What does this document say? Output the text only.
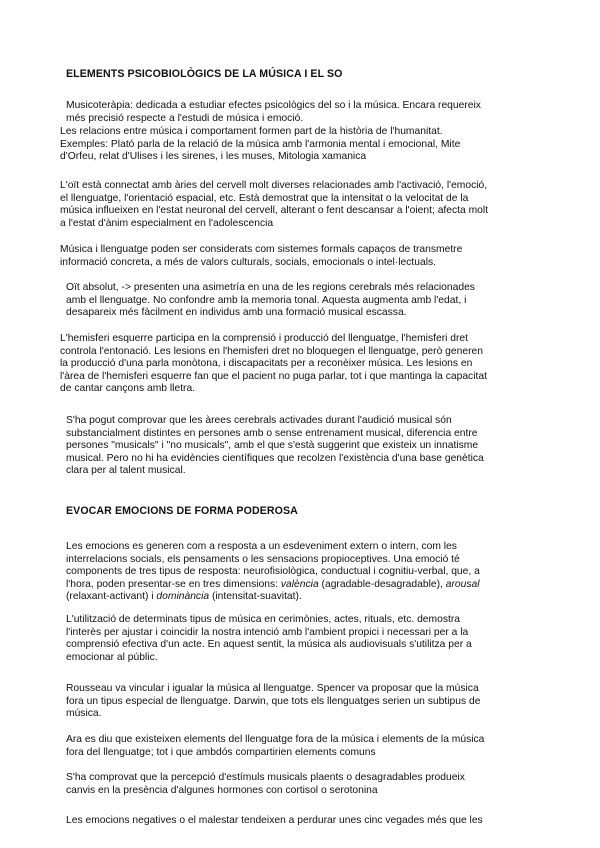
ELEMENTS PSICOBIOLÒGICS DE LA MÚSICA I EL SO
Musicoteràpia: dedicada a estudiar efectes psicològics del so i la música. Encara requereix
més precisió respecte a l'estudi de música i emoció.
Les relacions entre música i comportament formen part de la història de l'humanitat.
Exemples: Plató parla de la relació de la música amb l'armonia mental i emocional, Mite
d'Orfeu, relat d'Ulises i les sirenes, i les muses, Mitologia xamanica
L'oït està connectat amb àries del cervell molt diverses relacionades amb l'activació, l'emoció,
el llenguatge, l'orientació espacial, etc. Està demostrat que la intensitat o la velocitat de la
música influeixen en l'estat neuronal del cervell, alterant o fent descansar a l'oient; afecta molt
a l'estat d'ànim especialment en l'adolescencia
Música i llenguatge poden ser considerats com sistemes formals capaços de transmetre
informació concreta, a més de valors culturals, socials, emocionals o intel·lectuals.
Oït absolut, -> presenten una asimetría en una de les regions cerebrals més relacionades
amb el llenguatge. No confondre amb la memoria tonal. Aquesta augmenta amb l'edat, i
desapareix més fàcilment en individus amb una formació musical escassa.
L'hemisferi esquerre participa en la comprensió i producció del llenguatge, l'hemisferi dret
controla l'entonació. Les lesions en l'hemisferi dret no bloquegen el llenguatge, però generen
la producció d'una parla monòtona, i discapacitats per a reconèixer música. Les lesions en
l'àrea de l'hemisferi esquerre fan que el pacient no puga parlar, tot i que mantinga la capacitat
de cantar cançons amb lletra.
S'ha pogut comprovar que les àrees cerebrals activades durant l'audició musical són
substancialment distintes en persones amb o sense entrenament musical, diferencia entre
persones "musicals" i "no musicals", amb el que s'està suggerint que existeix un innatisme
musical. Pero no hi ha evidències científiques que recolzen l'existència d'una base genètica
clara per al talent musical.
EVOCAR EMOCIONS DE FORMA PODEROSA
Les emocions es generen com a resposta a un esdeveniment extern o intern, com les
interrelacions socials, els pensaments o les sensacions propioceptives. Una emoció té
components de tres tipus de resposta: neurofisiològica, conductual i cognitiu-verbal, que, a
l'hora, poden presentar-se en tres dimensions: valència (agradable-desagradable), arousal
(relaxant-activant) i dominància (intensitat-suavitat).
L'utilització de determinats tipus de música en cerimònies, actes, rituals, etc. demostra
l'interès per ajustar i coincidir la nostra intenció amb l'ambient propici i necessari per a la
comprensió efectiva d'un acte. En aquest sentit, la música als audiovisuals s'utilitza per a
emocionar al públic.
Rousseau va vincular i igualar la música al llenguatge. Spencer va proposar que la música
fora un tipus especial de llenguatge. Darwin, que tots els llenguatges serien un subtipus de
música.
Ara es diu que existeixen elements del llenguatge fora de la música i elements de la música
fora del llenguatge; tot i que ambdós compartirien elements comuns
S'ha comprovat que la percepció d'estímuls musicals plaents o desagradables produeix
canvis en la presència d'algunes hormones con cortisol o serotonina
Les emocions negatives o el malestar tendeixen a perdurar unes cinc vegades més que les
